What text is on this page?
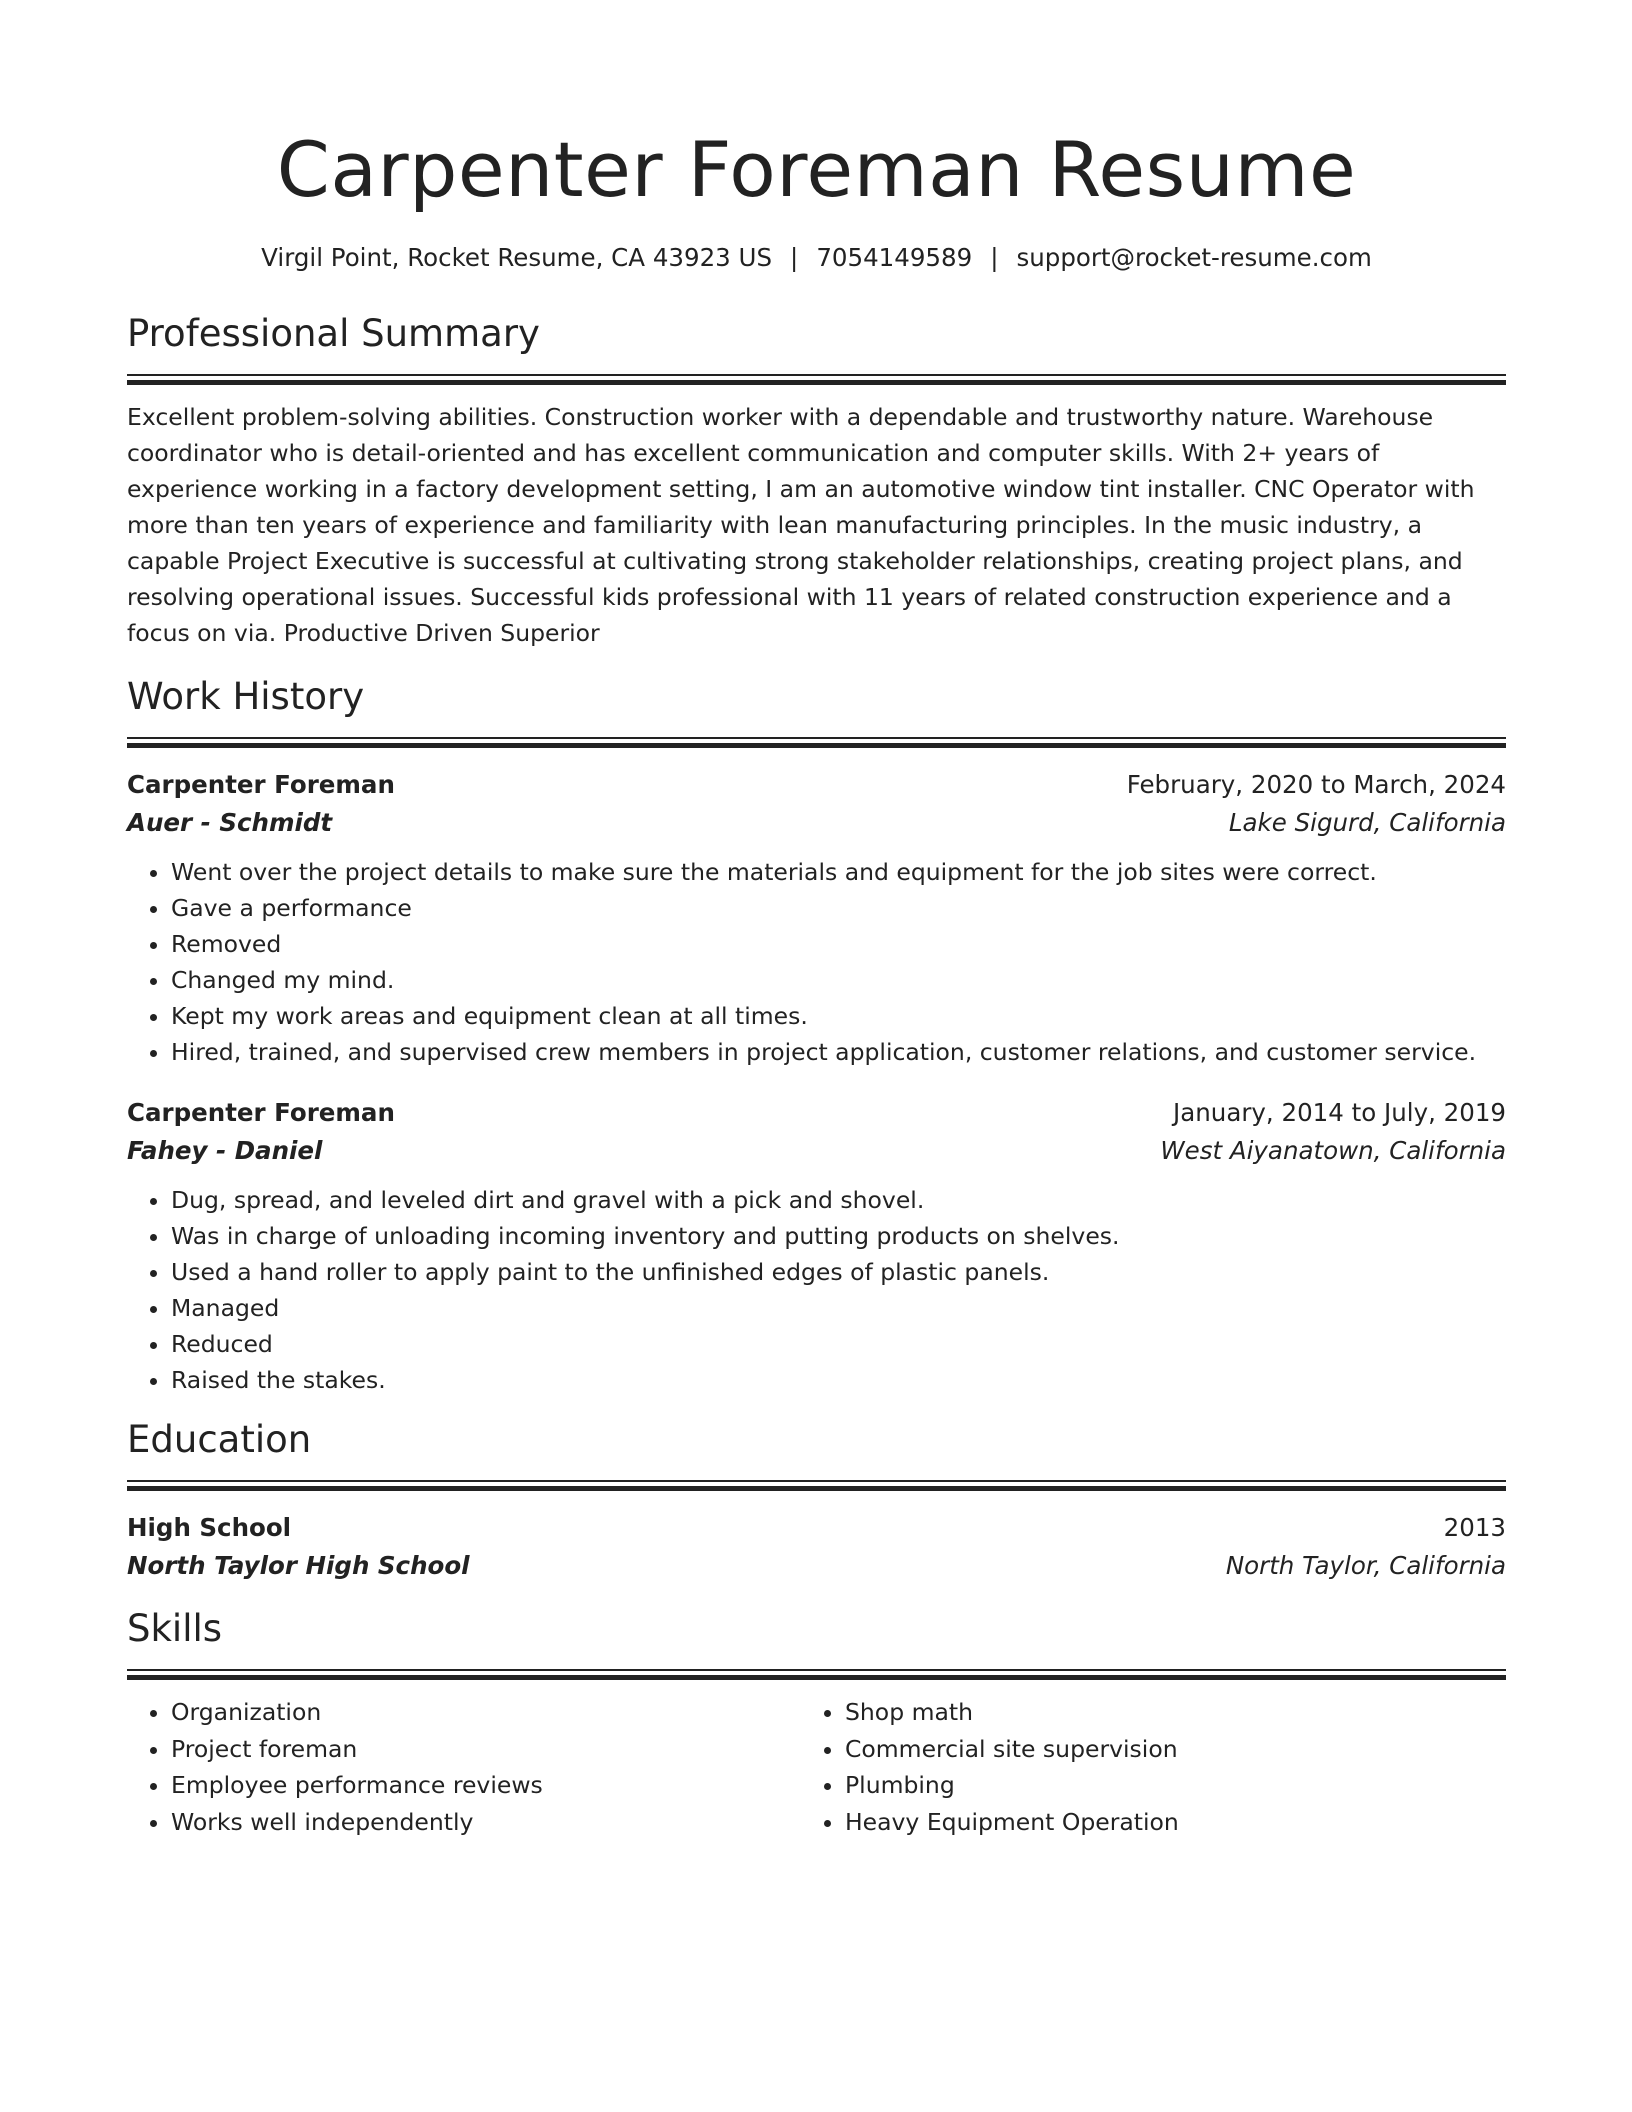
Carpenter Foreman Resume
Virgil Point, Rocket Resume, CA 43923 US | 7054149589 | support@rocket-resume.com
Professional Summary

Excellent problem-solving abilities. Construction worker with a dependable and trustworthy nature. Warehouse coordinator who is detail-oriented and has excellent communication and computer skills. With 2+ years of experience working in a factory development setting, I am an automotive window tint installer. CNC Operator with more than ten years of experience and familiarity with lean manufacturing principles. In the music industry, a capable Project Executive is successful at cultivating strong stakeholder relationships, creating project plans, and resolving operational issues. Successful kids professional with 11 years of related construction experience and a focus on via. Productive Driven Superior

Work History
Carpenter Foreman	February, 2020 to March, 2024
Auer - Schmidt	Lake Sigurd, California
• Went over the project details to make sure the materials and equipment for the job sites were correct.
• Gave a performance
• Removed
• Changed my mind.
• Kept my work areas and equipment clean at all times.
• Hired, trained, and supervised crew members in project application, customer relations, and customer service.
Carpenter Foreman	January, 2014 to July, 2019
Fahey - Daniel	West Aiyanatown, California
• Dug, spread, and leveled dirt and gravel with a pick and shovel.
• Was in charge of unloading incoming inventory and putting products on shelves.
• Used a hand roller to apply paint to the unfinished edges of plastic panels.
• Managed
• Reduced
• Raised the stakes.
Education
High School	2013
North Taylor High School	North Taylor, California
Skills
• Organization
• Project foreman
• Employee performance reviews
• Works well independently
• Shop math
• Commercial site supervision
• Plumbing
• Heavy Equipment Operation
